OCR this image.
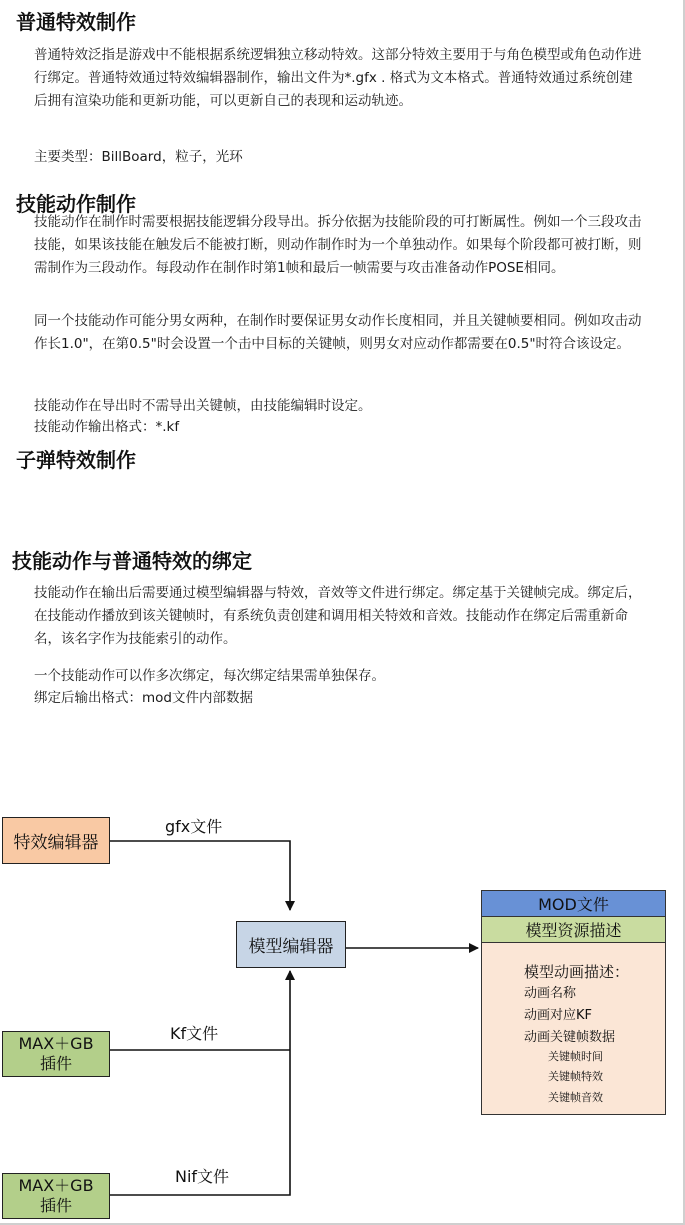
普通特效制作
普通特效泛指是游戏中不能根据系统逻辑独立移动特效。这部分特效主要用于与角色模型或角色动作进行绑定。普通特效通过特效编辑器制作，输出文件为*.gfx . 格式为文本格式。普通特效通过系统创建后拥有渲染功能和更新功能，可以更新自己的表现和运动轨迹。
主要类型：BillBoard，粒子，光环
技能动作制作
技能动作在制作时需要根据技能逻辑分段导出。拆分依据为技能阶段的可打断属性。例如一个三段攻击技能，如果该技能在触发后不能被打断，则动作制作时为一个单独动作。如果每个阶段都可被打断，则需制作为三段动作。每段动作在制作时第1帧和最后一帧需要与攻击准备动作POSE相同。
同一个技能动作可能分男女两种，在制作时要保证男女动作长度相同，并且关键帧要相同。例如攻击动作长1.0"，在第0.5"时会设置一个击中目标的关键帧，则男女对应动作都需要在0.5"时符合该设定。
技能动作在导出时不需导出关键帧，由技能编辑时设定。
技能动作输出格式：*.kf
子弹特效制作
技能动作与普通特效的绑定
技能动作在输出后需要通过模型编辑器与特效，音效等文件进行绑定。绑定基于关键帧完成。绑定后，在技能动作播放到该关键帧时，有系统负责创建和调用相关特效和音效。技能动作在绑定后需重新命名，该名字作为技能索引的动作。
一个技能动作可以作多次绑定，每次绑定结果需单独保存。
绑定后输出格式：mod文件内部数据
特效编辑器
gfx文件
模型编辑器
MAX＋GB
插件
Kf文件
MAX＋GB
插件
Nif文件
MOD文件
模型资源描述
模型动画描述：
动画名称
动画对应KF
动画关键帧数据
关键帧时间
关键帧特效
关键帧音效
